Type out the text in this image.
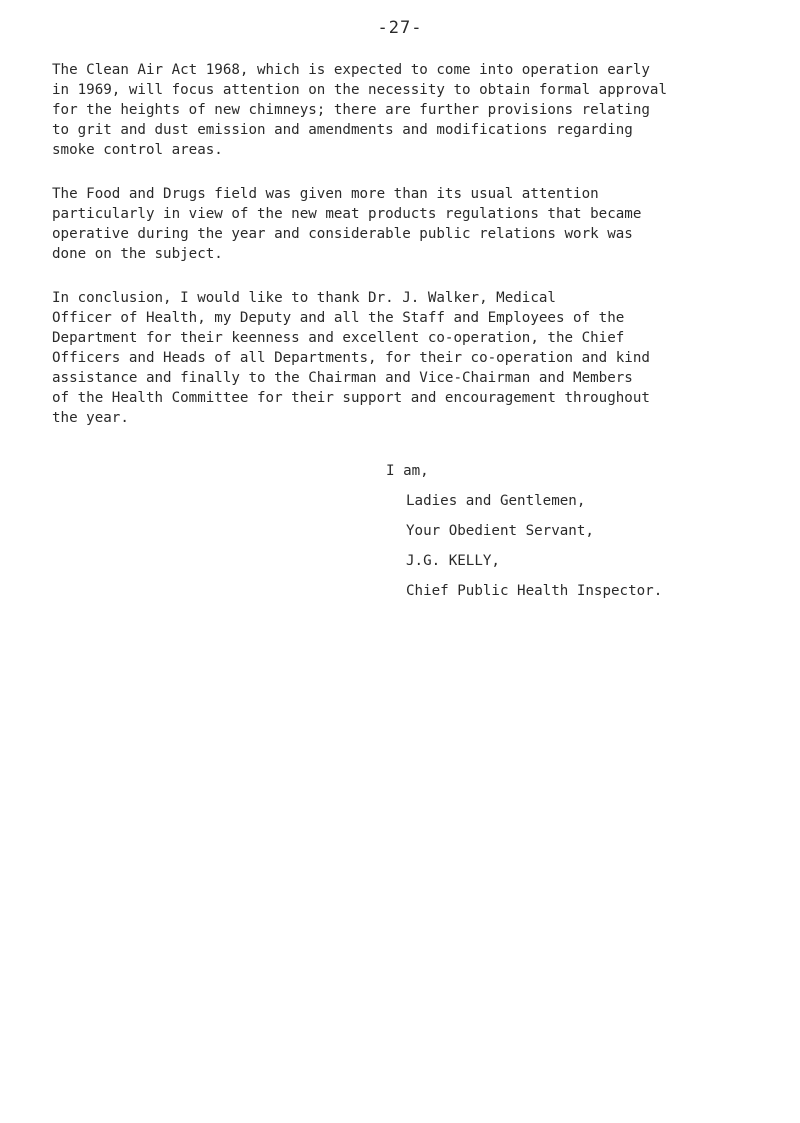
-27-

The Clean Air Act 1968, which is expected to come into operation early
in 1969, will focus attention on the necessity to obtain formal approval
for the heights of new chimneys; there are further provisions relating
to grit and dust emission and amendments and modifications regarding
smoke control areas.

The Food and Drugs field was given more than its usual attention
particularly in view of the new meat products regulations that became
operative during the year and considerable public relations work was
done on the subject.

In conclusion, I would like to thank Dr. J. Walker, Medical
Officer of Health, my Deputy and all the Staff and Employees of the
Department for their keenness and excellent co-operation, the Chief
Officers and Heads of all Departments, for their co-operation and kind
assistance and finally to the Chairman and Vice-Chairman and Members
of the Health Committee for their support and encouragement throughout
the year.

I am,
Ladies and Gentlemen,
Your Obedient Servant,
J.G. KELLY,
Chief Public Health Inspector.
